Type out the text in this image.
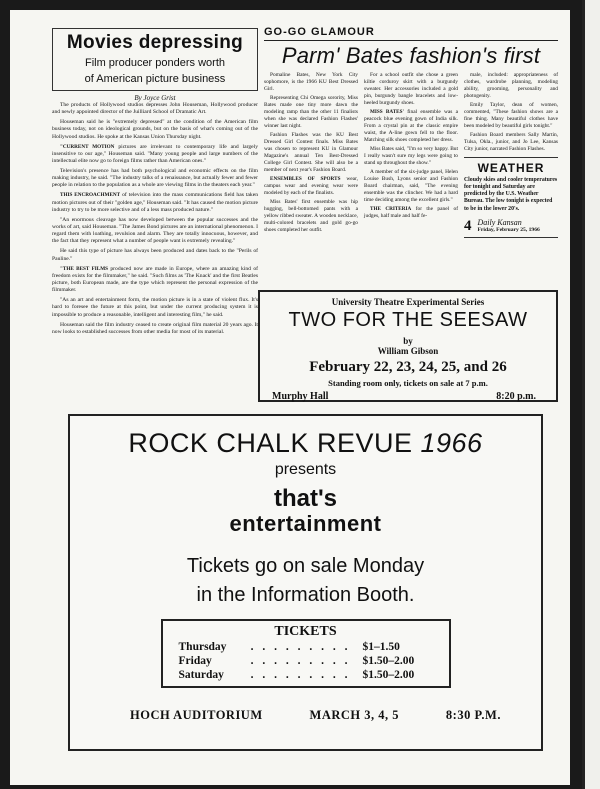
Movies depressing
Film producer ponders worth
of American picture business
By Joyce Grist

The products of Hollywood studios depresses John Houseman, Hollywood producer and newly appointed director of the Juilliard School of Dramatic Art.

Houseman said he is "extremely depressed" at the condition of the American film business today, not on ideological grounds, but on the basis of what's coming out of the Hollywood studios. He spoke at the Kansas Union Thursday night.

"CURRENT MOTION pictures are irrelevant to contemporary life and largely insensitive to our age," Houseman said. "Many young people and large numbers of the intellectual elite now go to foreign films rather than American ones."

Television's presence has had both psychological and economic effects on the film making industry, he said. "The industry talks of a renaissance, but actually fewer and fewer people in relation to the population as a whole are viewing films in the theaters each year."

THIS ENCROACHMENT of television into the mass communications field has taken motion pictures out of their "golden age," Houseman said. "It has caused the motion picture industry to try to be more selective and of a less mass produced nature."

"An enormous cleavage has now developed between the popular successes and the works of art, said Houseman. "The James Bond pictures are an international phenomenon. I regard them with loathing, revulsion and alarm. They are totally innocuous, however, and the fact that they represent what a number of people want is extremely revealing."

He said this type of picture has always been produced and dates back to the "Perils of Pauline."

"THE BEST FILMS produced now are made in Europe, where an amazing kind of freedom exists for the filmmaker," he said. "Such films as 'The Knack' and the first Beatles picture, both European made, are the type which represent the personal expression of the filmmaker.

"As an art and entertainment form, the motion picture is in a state of violent flux. It's hard to foresee the future at this point, but under the current producing system it is impossible to produce a reasonable, intelligent and interesting film," he said.

Houseman said the film industry ceased to create original film material 20 years ago. It now looks to established successes from other media for most of its material.

GO-GO GLAMOUR
Parm' Bates fashion's first

Pomaline Bates, New York City sophomore, is the 1966 KU Best Dressed Girl.

Representing Chi Omega sorority, Miss Bates made one tiny more dawn the modeling ramp than the other 11 finalists when she was declared Fashion Flashes' winner last night.

Fashion Flashes was the KU Best Dressed Girl Contest finals. Miss Bates was chosen to represent KU in Glamour Magazine's annual Ten Best-Dressed College Girl Contest. She will also be a member of next year's Fashion Board.

ENSEMBLES OF SPORTS wear, campus wear and evening wear were modeled by each of the finalists.

Miss Bates' first ensemble was hip hugging, bell-bottomed pants with a yellow ribbed sweater. A wooden necklace, multi-colored bracelets and gold go-go shoes completed her outfit.

For a school outfit she chose a green kiltie corduroy skirt with a burgundy sweater. Her accessories included a gold pin, burgundy bangle bracelets and low-heeled burgundy shoes.

MISS BATES' final ensemble was a peacock blue evening gown of India silk. From a crystal pin at the classic empire waist, the A-line gown fell to the floor. Matching silk shoes completed her dress.

Miss Bates said, "I'm so very happy. But I really wasn't sure my legs were going to stand up throughout the show."

A member of the six-judge panel, Helen Louise Bush, Lyons senior and Fashion Board chairman, said, "The evening ensemble was the clincher. We had a hard time deciding among the excellent girls."

THE CRITERIA for the panel of judges, half male and half fe-

male, included: appropriateness of clothes, wardrobe planning, modeling ability, grooming, personality and photogenity.

Emily Taylor, dean of women, commented, "These fashion shows are a fine thing. Many beautiful clothes have been modeled by beautiful girls tonight."

Fashion Board members Sally Martin, Tulsa, Okla., junior, and Jo Lee, Kansas City junior, narrated Fashion Flashes.

WEATHER
Cloudy skies and cooler temperatures for tonight and Saturday are predicted by the U.S. Weather Bureau. The low tonight is expected to be in the lower 20's.
4 Daily Kansan
Friday, February 25, 1966
University Theatre Experimental Series
TWO FOR THE SEESAW
by
William Gibson
February 22, 23, 24, 25, and 26
Standing room only, tickets on sale at 7 p.m.
Murphy Hall	8:20 p.m.
ROCK CHALK REVUE 1966
presents
that's
entertainment
Tickets go on sale Monday
in the Information Booth.
TICKETS
Thursday	. . . . . . . . .	$1–1.50
Friday	. . . . . . . . .	$1.50–2.00
Saturday	. . . . . . . . .	$1.50–2.00
HOCH AUDITORIUM	MARCH 3, 4, 5	8:30 P.M.
